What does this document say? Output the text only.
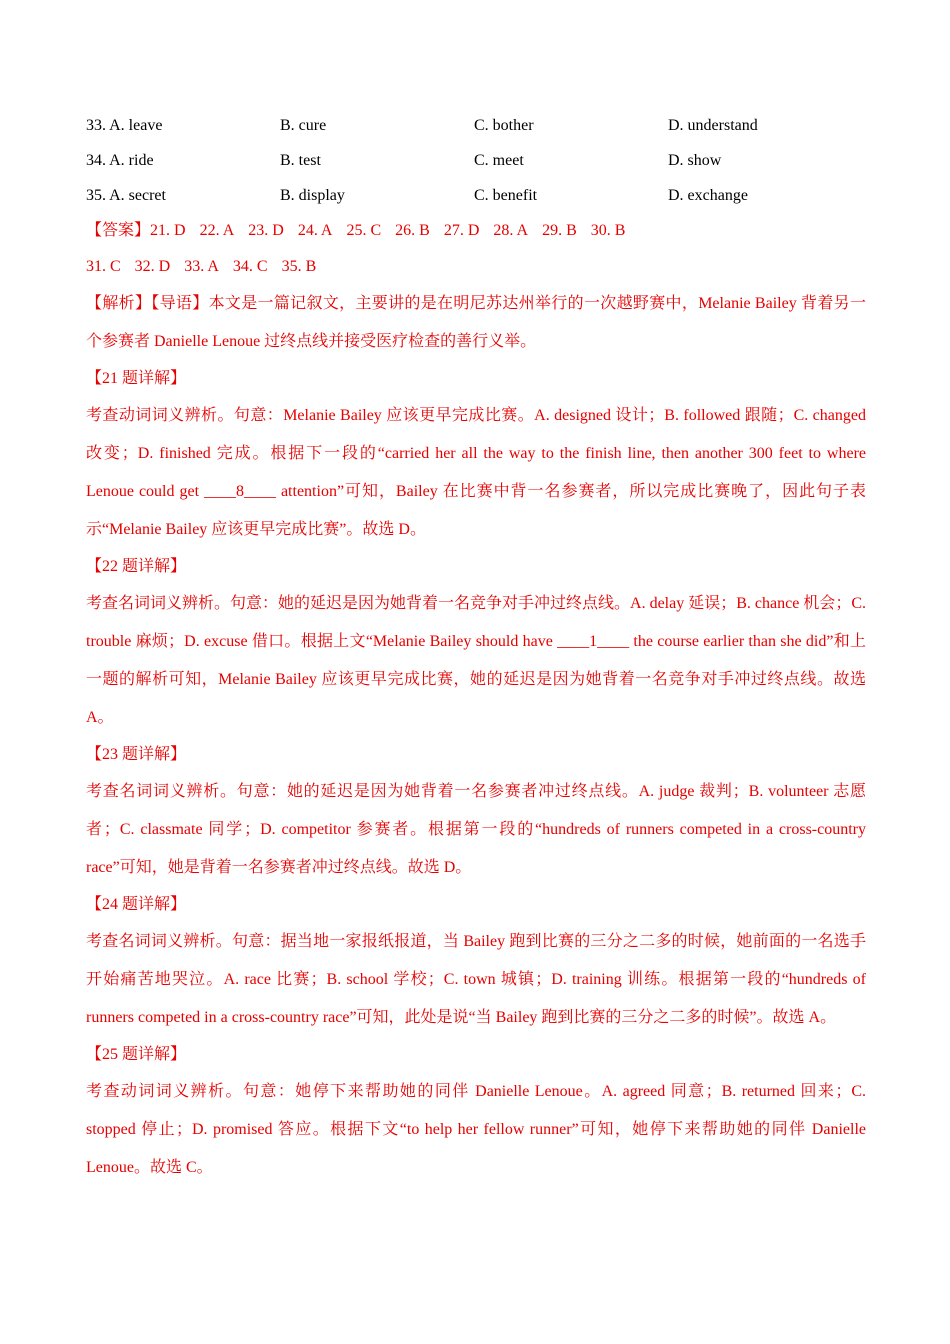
33. A. leave	B. cure	C. bother	D. understand
34. A. ride	B. test	C. meet	D. show
35. A. secret	B. display	C. benefit	D. exchange
【答案】21. D 22. A 23. D 24. A 25. C 26. B 27. D 28. A 29. B 30. B
31. C 32. D 33. A 34. C 35. B

【解析】【导语】本文是一篇记叙文，主要讲的是在明尼苏达州举行的一次越野赛中，Melanie Bailey 背着另一个参赛者 Danielle Lenoue 过终点线并接受医疗检查的善行义举。

【21 题详解】

考查动词词义辨析。句意：Melanie Bailey 应该更早完成比赛。A. designed 设计；B. followed 跟随；C. changed 改变；D. finished 完成。根据下一段的“carried her all the way to the finish line, then another 300 feet to where Lenoue could get ____8____ attention”可知，Bailey 在比赛中背一名参赛者，所以完成比赛晚了，因此句子表示“Melanie Bailey 应该更早完成比赛”。故选 D。

【22 题详解】

考查名词词义辨析。句意：她的延迟是因为她背着一名竞争对手冲过终点线。A. delay 延误；B. chance 机会；C. trouble 麻烦；D. excuse 借口。根据上文“Melanie Bailey should have ____1____ the course earlier than she did”和上一题的解析可知，Melanie Bailey 应该更早完成比赛，她的延迟是因为她背着一名竞争对手冲过终点线。故选 A。

【23 题详解】

考查名词词义辨析。句意：她的延迟是因为她背着一名参赛者冲过终点线。A. judge 裁判；B. volunteer 志愿者；C. classmate 同学；D. competitor 参赛者。根据第一段的“hundreds of runners competed in a cross-country race”可知，她是背着一名参赛者冲过终点线。故选 D。

【24 题详解】

考查名词词义辨析。句意：据当地一家报纸报道，当 Bailey 跑到比赛的三分之二多的时候，她前面的一名选手开始痛苦地哭泣。A. race 比赛；B. school 学校；C. town 城镇；D. training 训练。根据第一段的“hundreds of runners competed in a cross-country race”可知，此处是说“当 Bailey 跑到比赛的三分之二多的时候”。故选 A。

【25 题详解】

考查动词词义辨析。句意：她停下来帮助她的同伴 Danielle Lenoue。A. agreed 同意；B. returned 回来；C. stopped 停止；D. promised 答应。根据下文“to help her fellow runner”可知，她停下来帮助她的同伴 Danielle Lenoue。故选 C。
